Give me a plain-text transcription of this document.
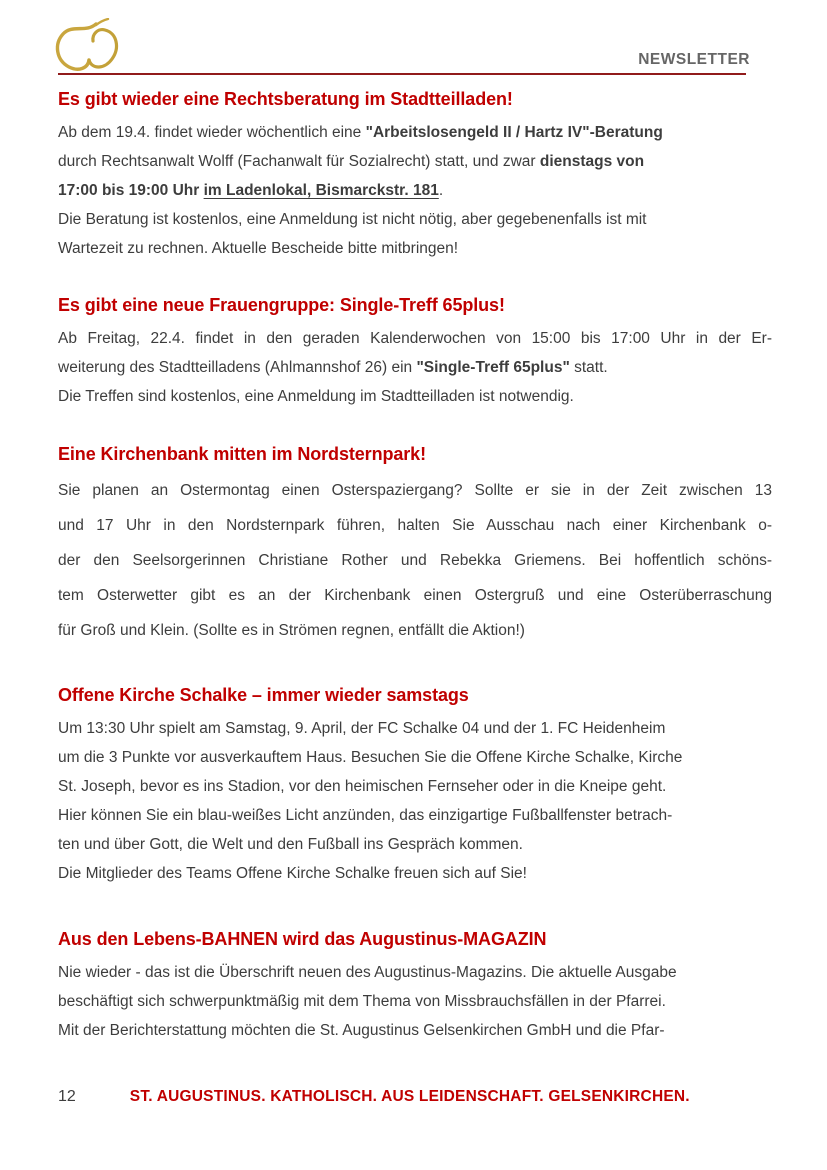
NEWSLETTER
Es gibt wieder eine Rechtsberatung im Stadtteilladen!
Ab dem 19.4. findet wieder wöchentlich eine "Arbeitslosengeld II / Hartz IV"-Beratung
durch Rechtsanwalt Wolff (Fachanwalt für Sozialrecht) statt, und zwar dienstags von
17:00 bis 19:00 Uhr im Ladenlokal, Bismarckstr. 181.
Die Beratung ist kostenlos, eine Anmeldung ist nicht nötig, aber gegebenenfalls ist mit
Wartezeit zu rechnen. Aktuelle Bescheide bitte mitbringen!
Es gibt eine neue Frauengruppe: Single-Treff 65plus!
Ab Freitag, 22.4. findet in den geraden Kalenderwochen von 15:00 bis 17:00 Uhr in der Er-
weiterung des Stadtteilladens (Ahlmannshof 26) ein "Single-Treff 65plus" statt.
Die Treffen sind kostenlos, eine Anmeldung im Stadtteilladen ist notwendig.
Eine Kirchenbank mitten im Nordsternpark!
Sie planen an Ostermontag einen Osterspaziergang? Sollte er sie in der Zeit zwischen 13
und 17 Uhr in den Nordsternpark führen, halten Sie Ausschau nach einer Kirchenbank o-
der den Seelsorgerinnen Christiane Rother und Rebekka Griemens. Bei hoffentlich schöns-
tem Osterwetter gibt es an der Kirchenbank einen Ostergruß und eine Osterüberraschung
für Groß und Klein. (Sollte es in Strömen regnen, entfällt die Aktion!)
Offene Kirche Schalke – immer wieder samstags
Um 13:30 Uhr spielt am Samstag, 9. April, der FC Schalke 04 und der 1. FC Heidenheim
um die 3 Punkte vor ausverkauftem Haus. Besuchen Sie die Offene Kirche Schalke, Kirche
St. Joseph, bevor es ins Stadion, vor den heimischen Fernseher oder in die Kneipe geht.
Hier können Sie ein blau-weißes Licht anzünden, das einzigartige Fußballfenster betrach-
ten und über Gott, die Welt und den Fußball ins Gespräch kommen.
Die Mitglieder des Teams Offene Kirche Schalke freuen sich auf Sie!
Aus den Lebens-BAHNEN wird das Augustinus-MAGAZIN
Nie wieder - das ist die Überschrift neuen des Augustinus-Magazins. Die aktuelle Ausgabe
beschäftigt sich schwerpunktmäßig mit dem Thema von Missbrauchsfällen in der Pfarrei.
Mit der Berichterstattung möchten die St. Augustinus Gelsenkirchen GmbH und die Pfar-
12	ST. AUGUSTINUS. KATHOLISCH. AUS LEIDENSCHAFT. GELSENKIRCHEN.
